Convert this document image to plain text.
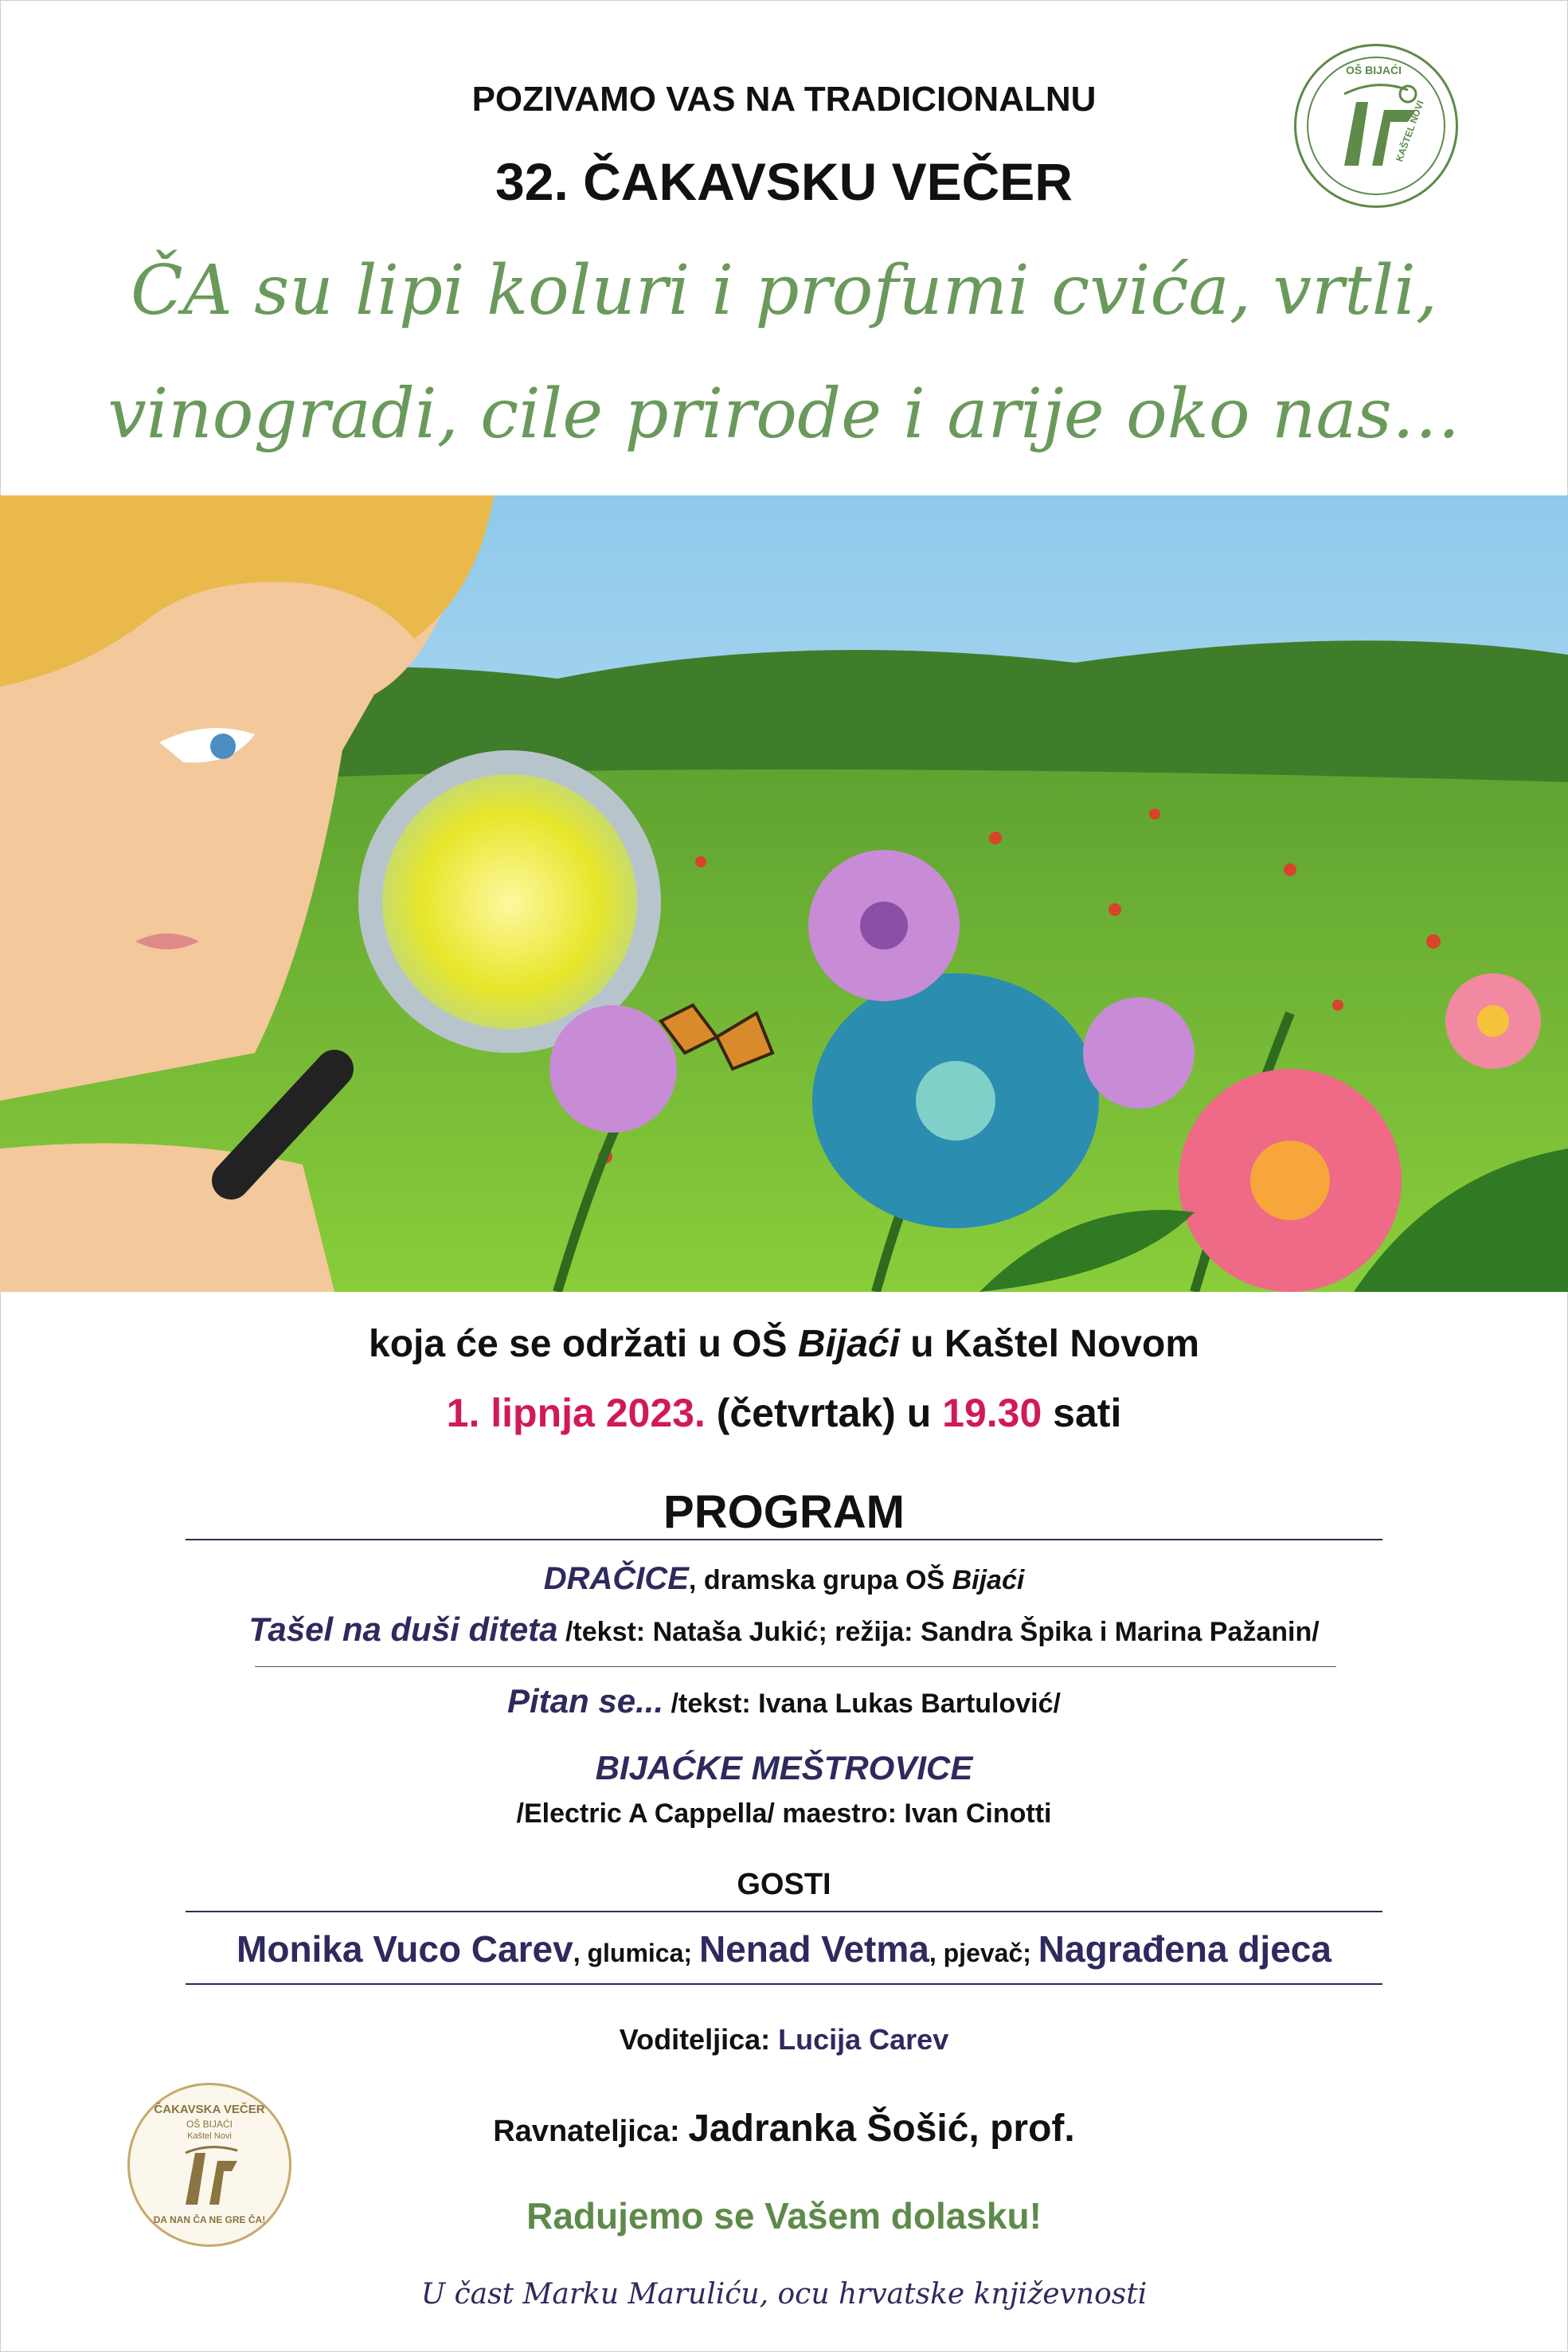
OŠ BIJAĆI
KAŠTEL NOVI
POZIVAMO VAS NA TRADICIONALNU
32. ČAKAVSKU VEČER
ČA su lipi koluri i profumi cvića, vrtli,
vinogradi, cile prirode i arije oko nas…
koja će se održati u OŠ Bijaći u Kaštel Novom
1. lipnja 2023. (četvrtak) u 19.30 sati
PROGRAM
DRAČICE, dramska grupa OŠ Bijaći
Tašel na duši diteta /tekst: Nataša Jukić; režija: Sandra Špika i Marina Pažanin/
Pitan se... /tekst: Ivana Lukas Bartulović/
BIJAĆKE MEŠTROVICE
/Electric A Cappella/ maestro: Ivan Cinotti
GOSTI
Monika Vuco Carev, glumica; Nenad Vetma, pjevač; Nagrađena djeca
Voditeljica: Lucija Carev
Ravnateljica: Jadranka Šošić, prof.
Radujemo se Vašem dolasku!
U čast Marku Maruliću, ocu hrvatske književnosti
ČAKAVSKA VEČER
OŠ BIJAĆI
Kaštel Novi
DA NAN ČA NE GRE ČA!
